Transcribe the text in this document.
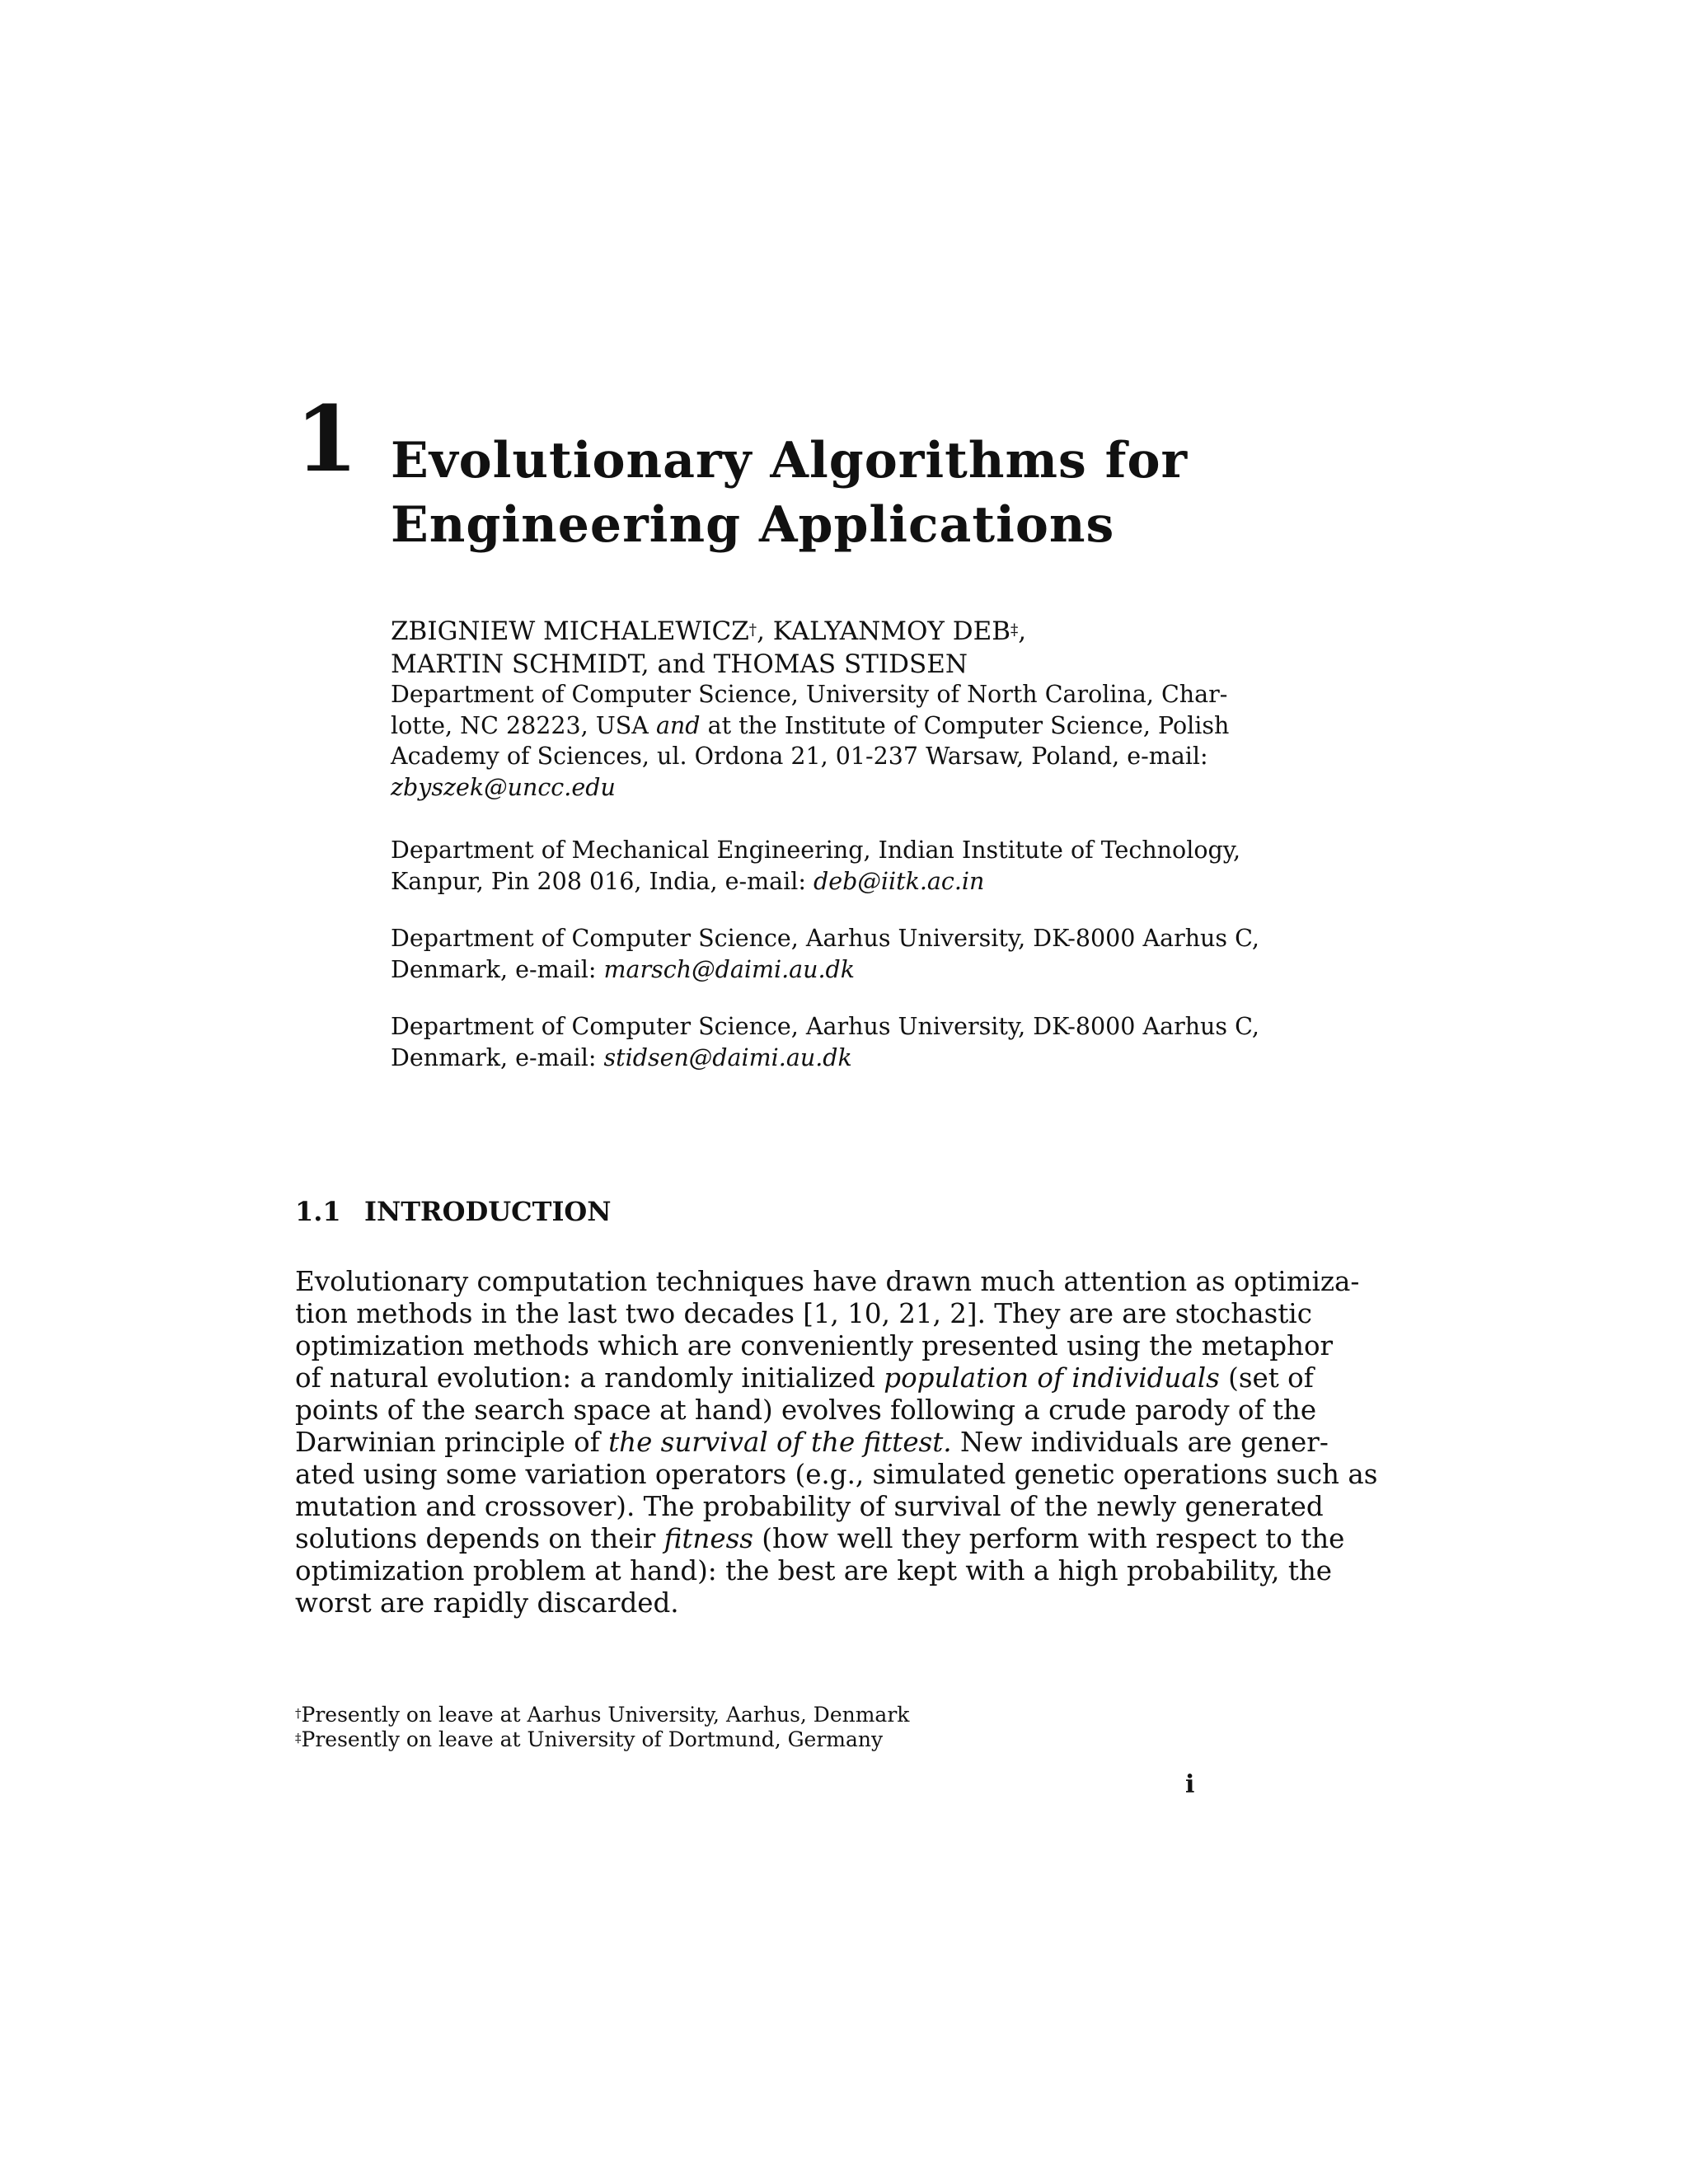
1 Evolutionary Algorithms for
Engineering Applications
ZBIGNIEW MICHALEWICZ†, KALYANMOY DEB‡,
MARTIN SCHMIDT, and THOMAS STIDSEN
Department of Computer Science, University of North Carolina, Char-
lotte, NC 28223, USA and at the Institute of Computer Science, Polish
Academy of Sciences, ul. Ordona 21, 01-237 Warsaw, Poland, e-mail:
zbyszek@uncc.edu
Department of Mechanical Engineering, Indian Institute of Technology,
Kanpur, Pin 208 016, India, e-mail: deb@iitk.ac.in
Department of Computer Science, Aarhus University, DK-8000 Aarhus C,
Denmark, e-mail: marsch@daimi.au.dk
Department of Computer Science, Aarhus University, DK-8000 Aarhus C,
Denmark, e-mail: stidsen@daimi.au.dk
1.1 INTRODUCTION
Evolutionary computation techniques have drawn much attention as optimiza-
tion methods in the last two decades [1, 10, 21, 2]. They are are stochastic
optimization methods which are conveniently presented using the metaphor
of natural evolution: a randomly initialized population of individuals (set of
points of the search space at hand) evolves following a crude parody of the
Darwinian principle of the survival of the fittest. New individuals are gener-
ated using some variation operators (e.g., simulated genetic operations such as
mutation and crossover). The probability of survival of the newly generated
solutions depends on their fitness (how well they perform with respect to the
optimization problem at hand): the best are kept with a high probability, the
worst are rapidly discarded.
†Presently on leave at Aarhus University, Aarhus, Denmark
‡Presently on leave at University of Dortmund, Germany
i
